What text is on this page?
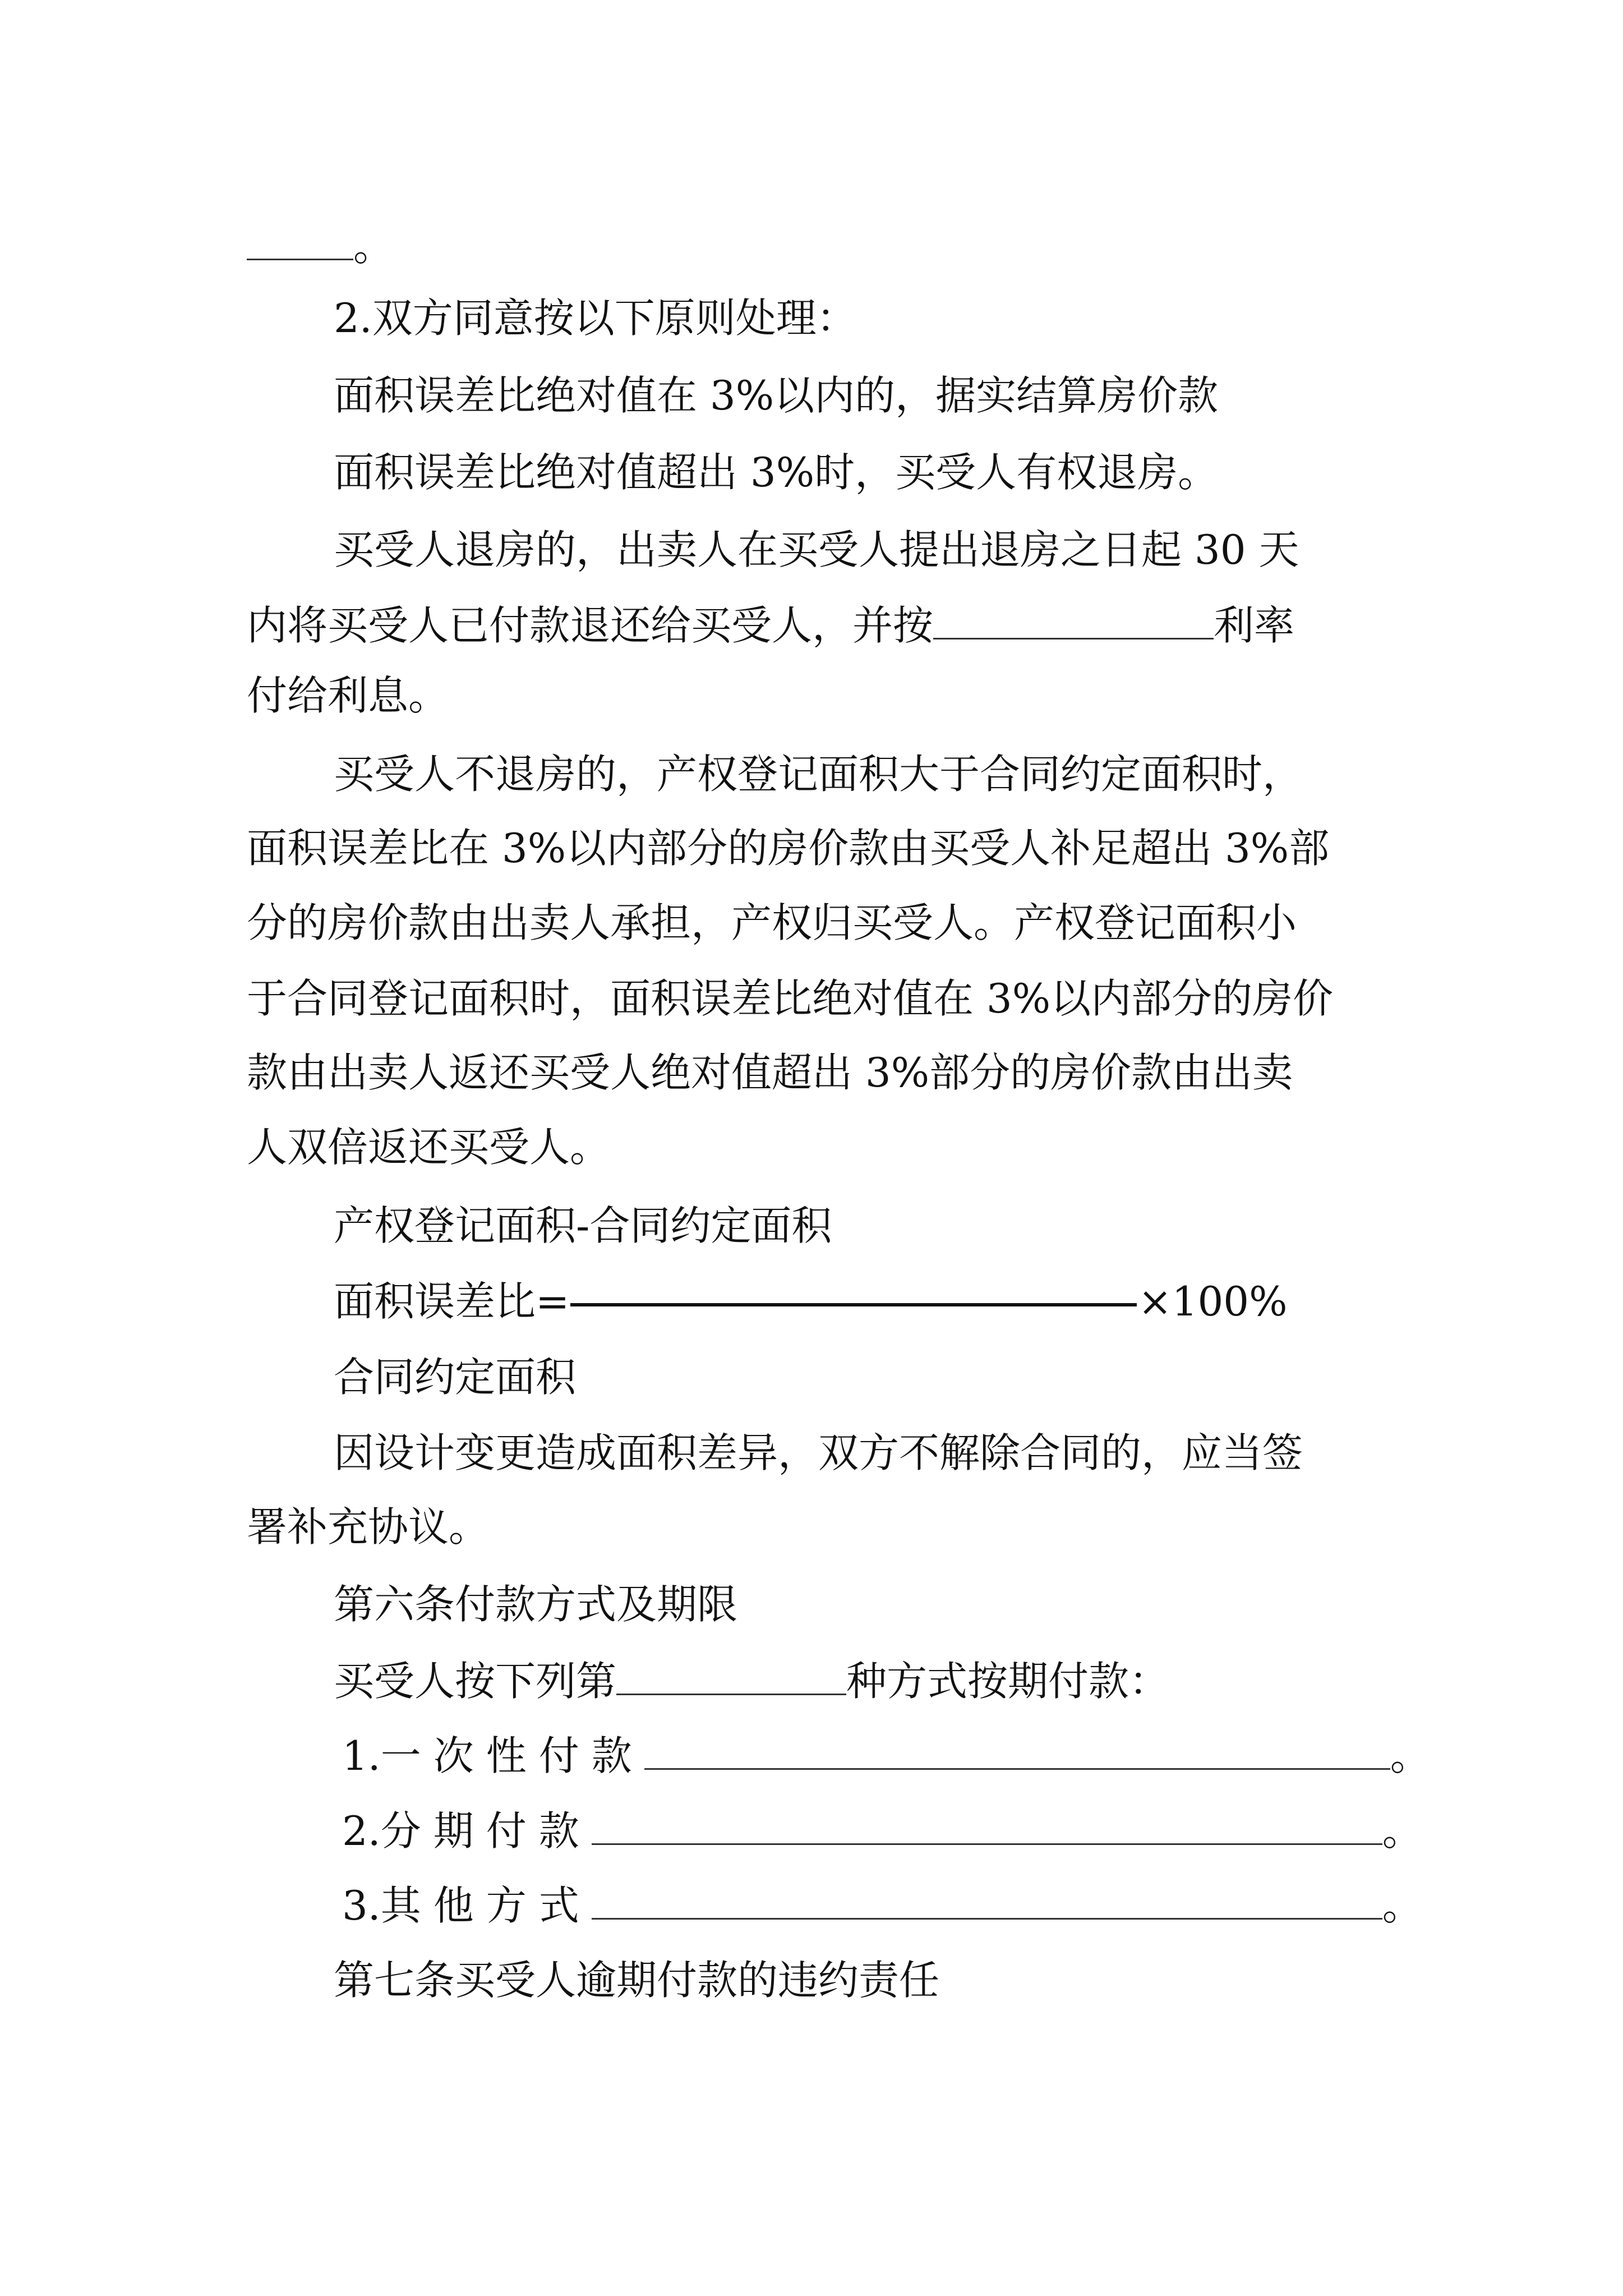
。
2.双方同意按以下原则处理：
面积误差比绝对值在 3%以内的，据实结算房价款
面积误差比绝对值超出 3%时，买受人有权退房。
买受人退房的，出卖人在买受人提出退房之日起 30 天
内将买受人已付款退还给买受人，并按	利率
付给利息。
买受人不退房的，产权登记面积大于合同约定面积时，
面积误差比在 3%以内部分的房价款由买受人补足超出 3%部
分的房价款由出卖人承担，产权归买受人。产权登记面积小
于合同登记面积时，面积误差比绝对值在 3%以内部分的房价
款由出卖人返还买受人绝对值超出 3%部分的房价款由出卖
人双倍返还买受人。
产权登记面积-合同约定面积
面积误差比=	×100%
合同约定面积
因设计变更造成面积差异，双方不解除合同的，应当签
署补充协议。
第六条付款方式及期限
买受人按下列第	种方式按期付款：
1.一次性付款	。
2.分期付款	。
3.其他方式	。
第七条买受人逾期付款的违约责任
